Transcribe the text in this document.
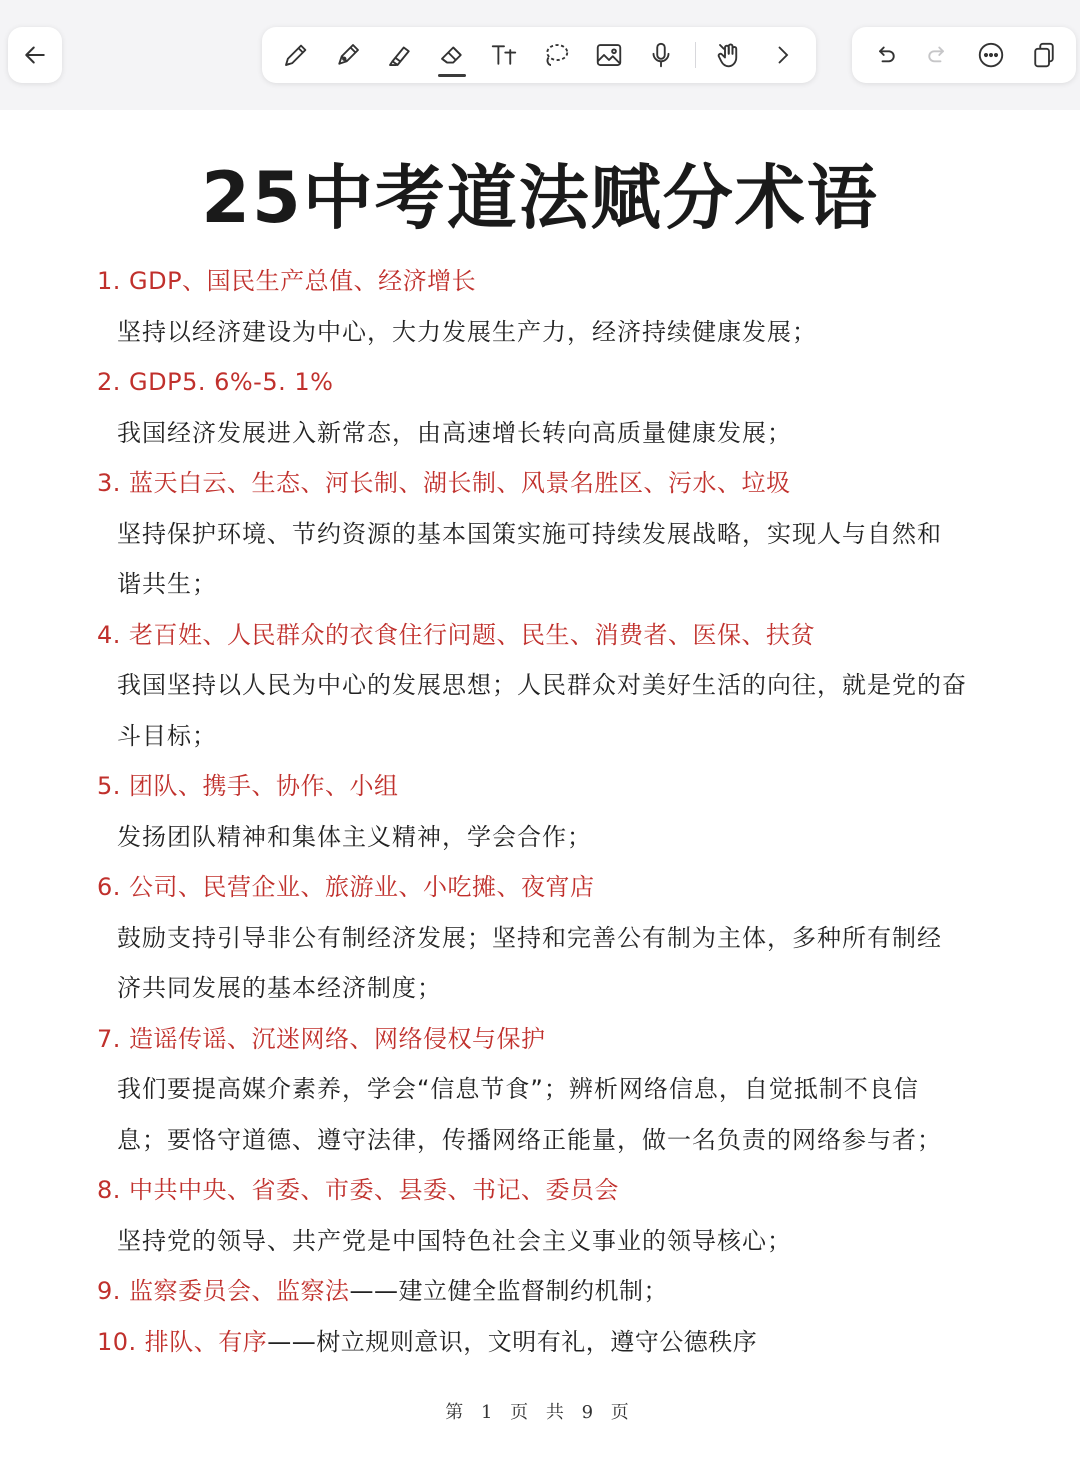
25中考道法赋分术语
1. GDP、国民生产总值、经济增长
坚持以经济建设为中心，大力发展生产力，经济持续健康发展；
2. GDP5. 6%-5. 1%
我国经济发展进入新常态，由高速增长转向高质量健康发展；
3. 蓝天白云、生态、河长制、湖长制、风景名胜区、污水、垃圾
坚持保护环境、节约资源的基本国策实施可持续发展战略，实现人与自然和
谐共生；
4. 老百姓、人民群众的衣食住行问题、民生、消费者、医保、扶贫
我国坚持以人民为中心的发展思想；人民群众对美好生活的向往，就是党的奋
斗目标；
5. 团队、携手、协作、小组
发扬团队精神和集体主义精神，学会合作；
6. 公司、民营企业、旅游业、小吃摊、夜宵店
鼓励支持引导非公有制经济发展；坚持和完善公有制为主体，多种所有制经
济共同发展的基本经济制度；
7. 造谣传谣、沉迷网络、网络侵权与保护
我们要提高媒介素养，学会“信息节食”；辨析网络信息，自觉抵制不良信
息；要恪守道德、遵守法律，传播网络正能量，做一名负责的网络参与者；
8. 中共中央、省委、市委、县委、书记、委员会
坚持党的领导、共产党是中国特色社会主义事业的领导核心；
9. 监察委员会、监察法——建立健全监督制约机制；
10. 排队、有序——树立规则意识，文明有礼，遵守公德秩序
第 1 页 共 9 页
